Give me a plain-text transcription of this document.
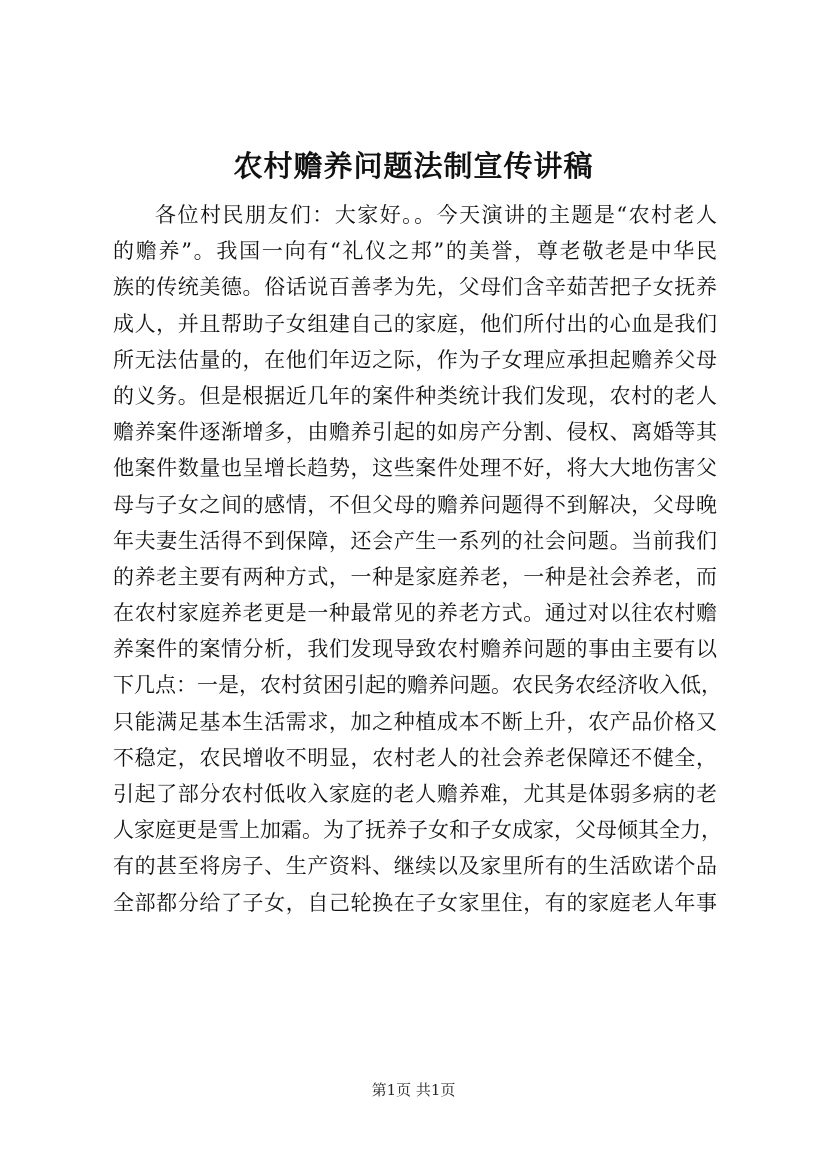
农村赡养问题法制宣传讲稿
各位村民朋友们：大家好。。今天演讲的主题是“农村老人
的赡养”。我国一向有“礼仪之邦”的美誉，尊老敬老是中华民
族的传统美德。俗话说百善孝为先，父母们含辛茹苦把子女抚养
成人，并且帮助子女组建自己的家庭，他们所付出的心血是我们
所无法估量的，在他们年迈之际，作为子女理应承担起赡养父母
的义务。但是根据近几年的案件种类统计我们发现，农村的老人
赡养案件逐渐增多，由赡养引起的如房产分割、侵权、离婚等其
他案件数量也呈增长趋势，这些案件处理不好，将大大地伤害父
母与子女之间的感情，不但父母的赡养问题得不到解决，父母晚
年夫妻生活得不到保障，还会产生一系列的社会问题。当前我们
的养老主要有两种方式，一种是家庭养老，一种是社会养老，而
在农村家庭养老更是一种最常见的养老方式。通过对以往农村赡
养案件的案情分析，我们发现导致农村赡养问题的事由主要有以
下几点：一是，农村贫困引起的赡养问题。农民务农经济收入低，
只能满足基本生活需求，加之种植成本不断上升，农产品价格又
不稳定，农民增收不明显，农村老人的社会养老保障还不健全，
引起了部分农村低收入家庭的老人赡养难，尤其是体弱多病的老
人家庭更是雪上加霜。为了抚养子女和子女成家，父母倾其全力，
有的甚至将房子、生产资料、继续以及家里所有的生活欧诺个品
全部都分给了子女，自己轮换在子女家里住，有的家庭老人年事
第1页 共1页
